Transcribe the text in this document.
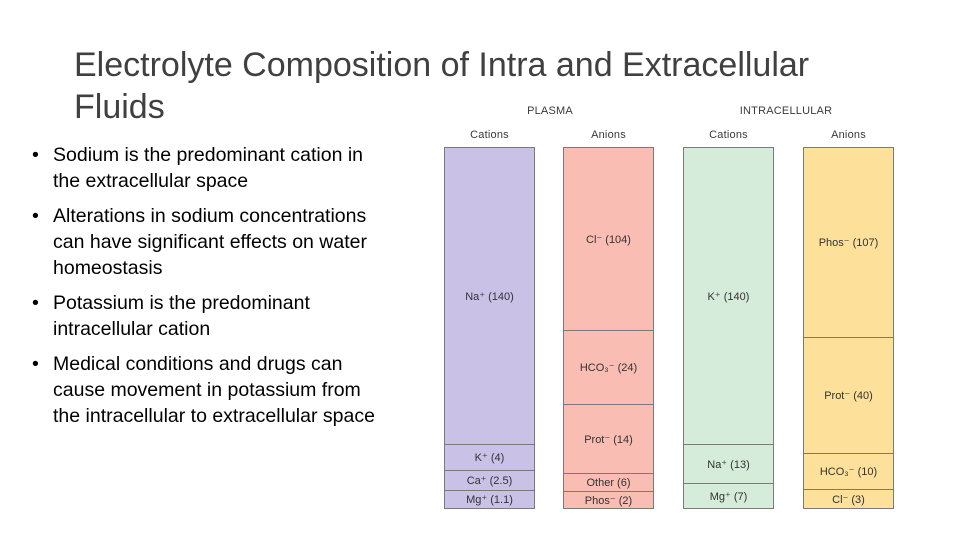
Electrolyte Composition of Intra and Extracellular Fluids
• Sodium is the predominant cation in the extracellular space
• Alterations in sodium concentrations can have significant effects on water homeostasis
• Potassium is the predominant intracellular cation
• Medical conditions and drugs can cause movement in potassium from the intracellular to extracellular space
PLASMA	INTRACELLULAR
Cations	Anions	Cations	Anions
Na⁺ (140)
K⁺ (4)
Ca⁺ (2.5)
Mg⁺ (1.1)
Cl⁻ (104)
HCO₃⁻ (24)
Prot⁻ (14)
Other (6)
Phos⁻ (2)
K⁺ (140)
Na⁺ (13)
Mg⁺ (7)
Phos⁻ (107)
Prot⁻ (40)
HCO₃⁻ (10)
Cl⁻ (3)
